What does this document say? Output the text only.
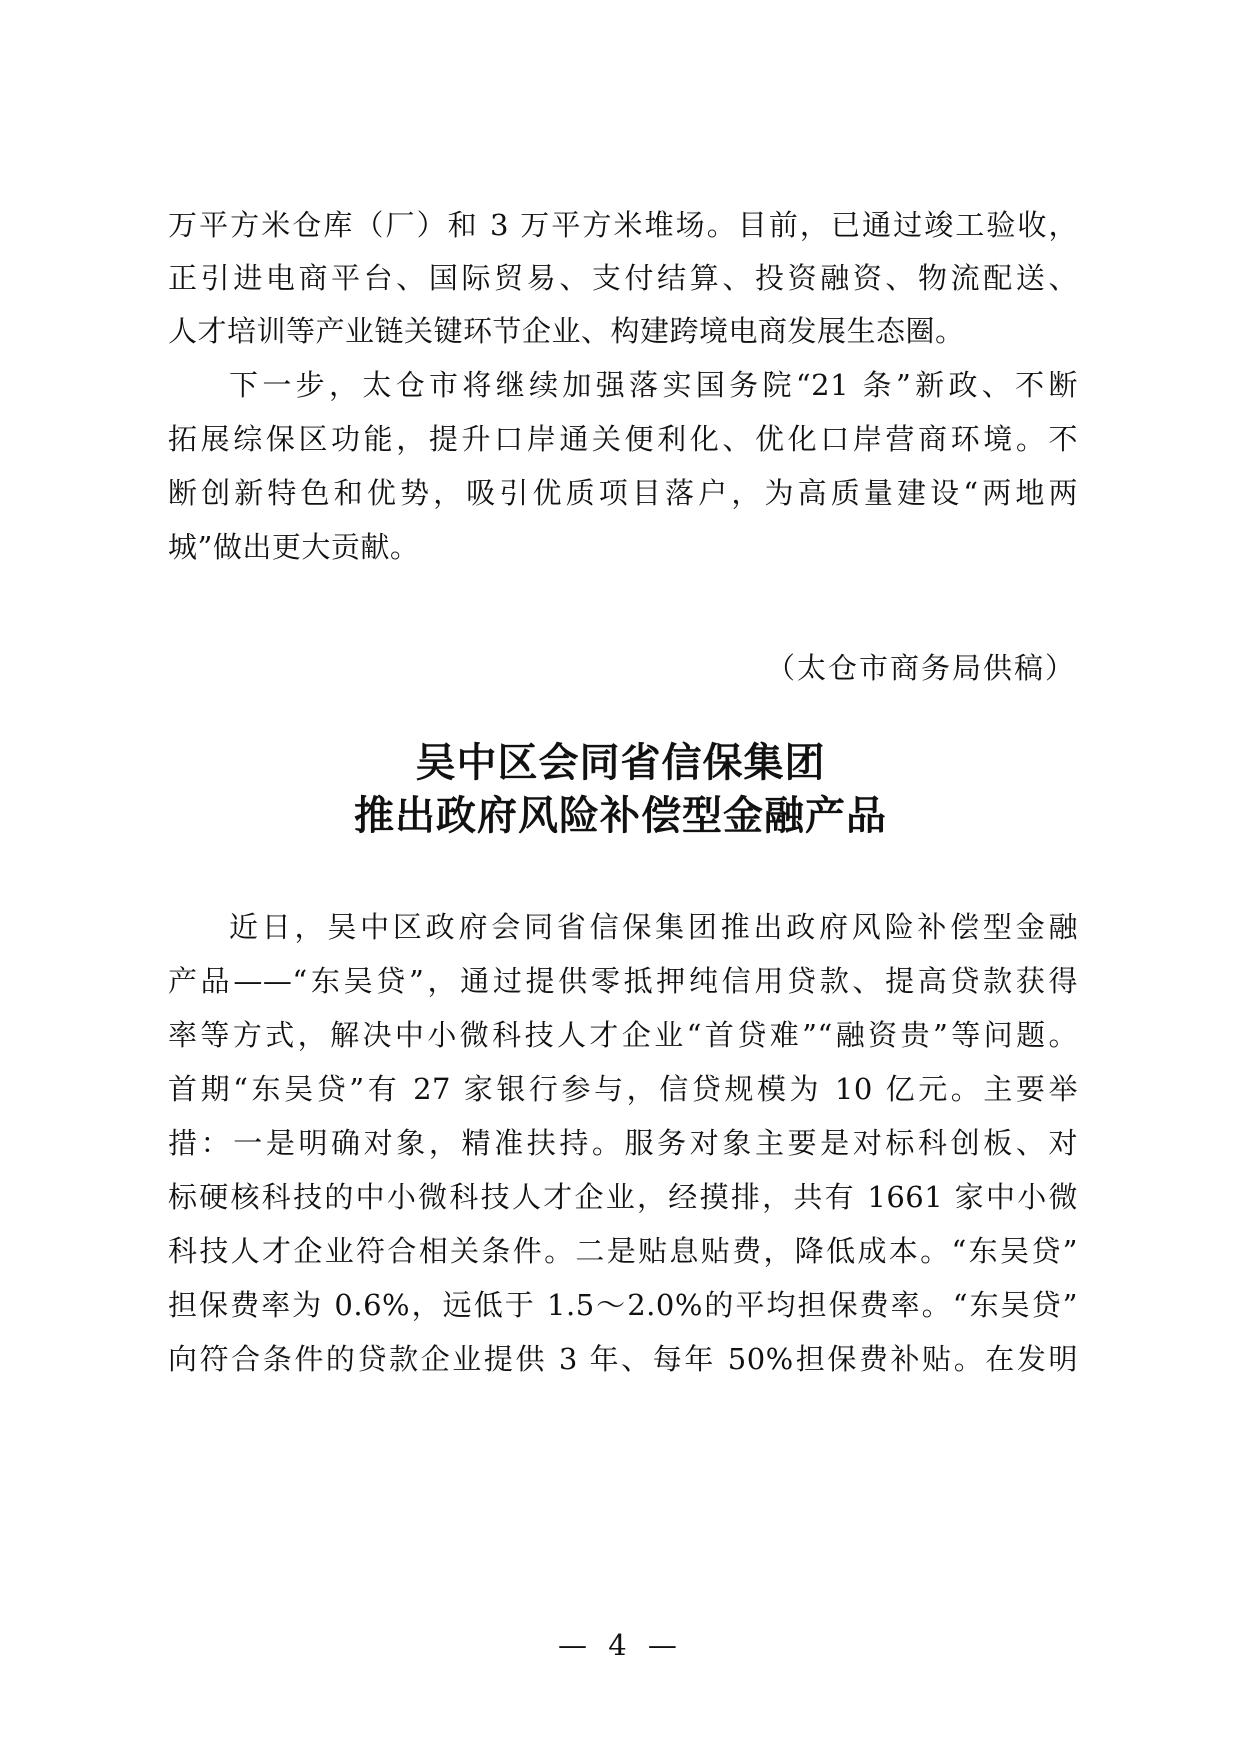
万平方米仓库（厂）和 3 万平方米堆场。目前，已通过竣工验收，
正引进电商平台、国际贸易、支付结算、投资融资、物流配送、
人才培训等产业链关键环节企业、构建跨境电商发展生态圈。
下一步，太仓市将继续加强落实国务院“21 条”新政、不断
拓展综保区功能，提升口岸通关便利化、优化口岸营商环境。不
断创新特色和优势，吸引优质项目落户，为高质量建设“两地两
城”做出更大贡献。
（太仓市商务局供稿）
吴中区会同省信保集团
推出政府风险补偿型金融产品
近日，吴中区政府会同省信保集团推出政府风险补偿型金融
产品——“东吴贷”，通过提供零抵押纯信用贷款、提高贷款获得
率等方式，解决中小微科技人才企业“首贷难”“融资贵”等问题。
首期“东吴贷”有 27 家银行参与，信贷规模为 10 亿元。主要举
措：一是明确对象，精准扶持。服务对象主要是对标科创板、对
标硬核科技的中小微科技人才企业，经摸排，共有 1661 家中小微
科技人才企业符合相关条件。二是贴息贴费，降低成本。“东吴贷”
担保费率为 0.6%，远低于 1.5～2.0%的平均担保费率。“东吴贷”
向符合条件的贷款企业提供 3 年、每年 50%担保费补贴。在发明
— 4 —
